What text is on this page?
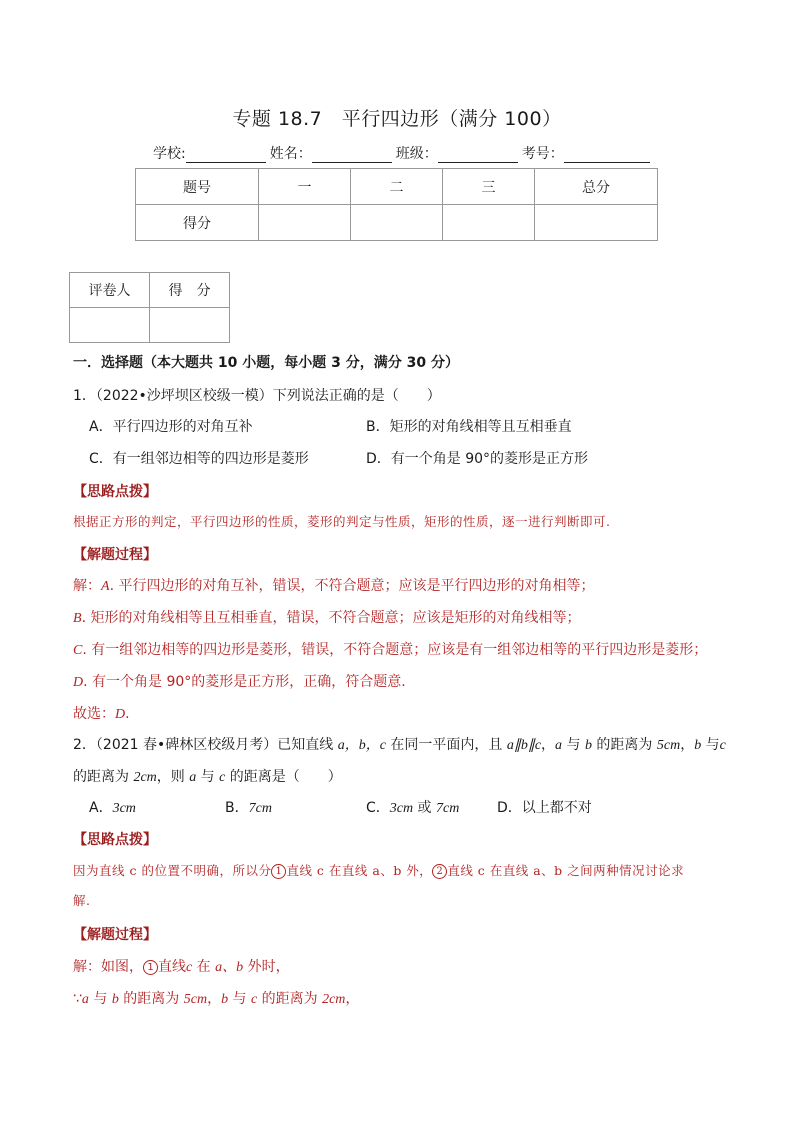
专题 18.7　平行四边形（满分 100）
学校:	姓名：	班级：	考号：
题号	一	二	三	总分
得分				
评卷人	得　分

一．选择题（本大题共 10 小题，每小题 3 分，满分 30 分）
1．（2022•沙坪坝区校级一模）下列说法正确的是（　　）
A．平行四边形的对角互补	B．矩形的对角线相等且互相垂直
C．有一组邻边相等的四边形是菱形	D．有一个角是 90°的菱形是正方形
【思路点拨】
根据正方形的判定，平行四边形的性质，菱形的判定与性质，矩形的性质，逐一进行判断即可.
【解题过程】
解：A. 平行四边形的对角互补，错误，不符合题意；应该是平行四边形的对角相等；
B. 矩形的对角线相等且互相垂直，错误，不符合题意；应该是矩形的对角线相等；
C. 有一组邻边相等的四边形是菱形，错误，不符合题意；应该是有一组邻边相等的平行四边形是菱形；
D. 有一个角是 90°的菱形是正方形，正确，符合题意.
故选：D.
2．（2021 春•碑林区校级月考）已知直线 a，b，c 在同一平面内，且 a∥b∥c，a 与 b 的距离为 5cm，b 与c
的距离为 2cm，则 a 与 c 的距离是（　　）
A．3cm	B．7cm	C．3cm 或 7cm	D．以上都不对
【思路点拨】
因为直线 c 的位置不明确，所以分 1 直线 c 在直线 a、b 外， 2 直线 c 在直线 a、b 之间两种情况讨论求
解.
【解题过程】
解：如图， 1 直线c 在 a、b 外时，
∵a 与 b 的距离为 5cm，b 与 c 的距离为 2cm，
